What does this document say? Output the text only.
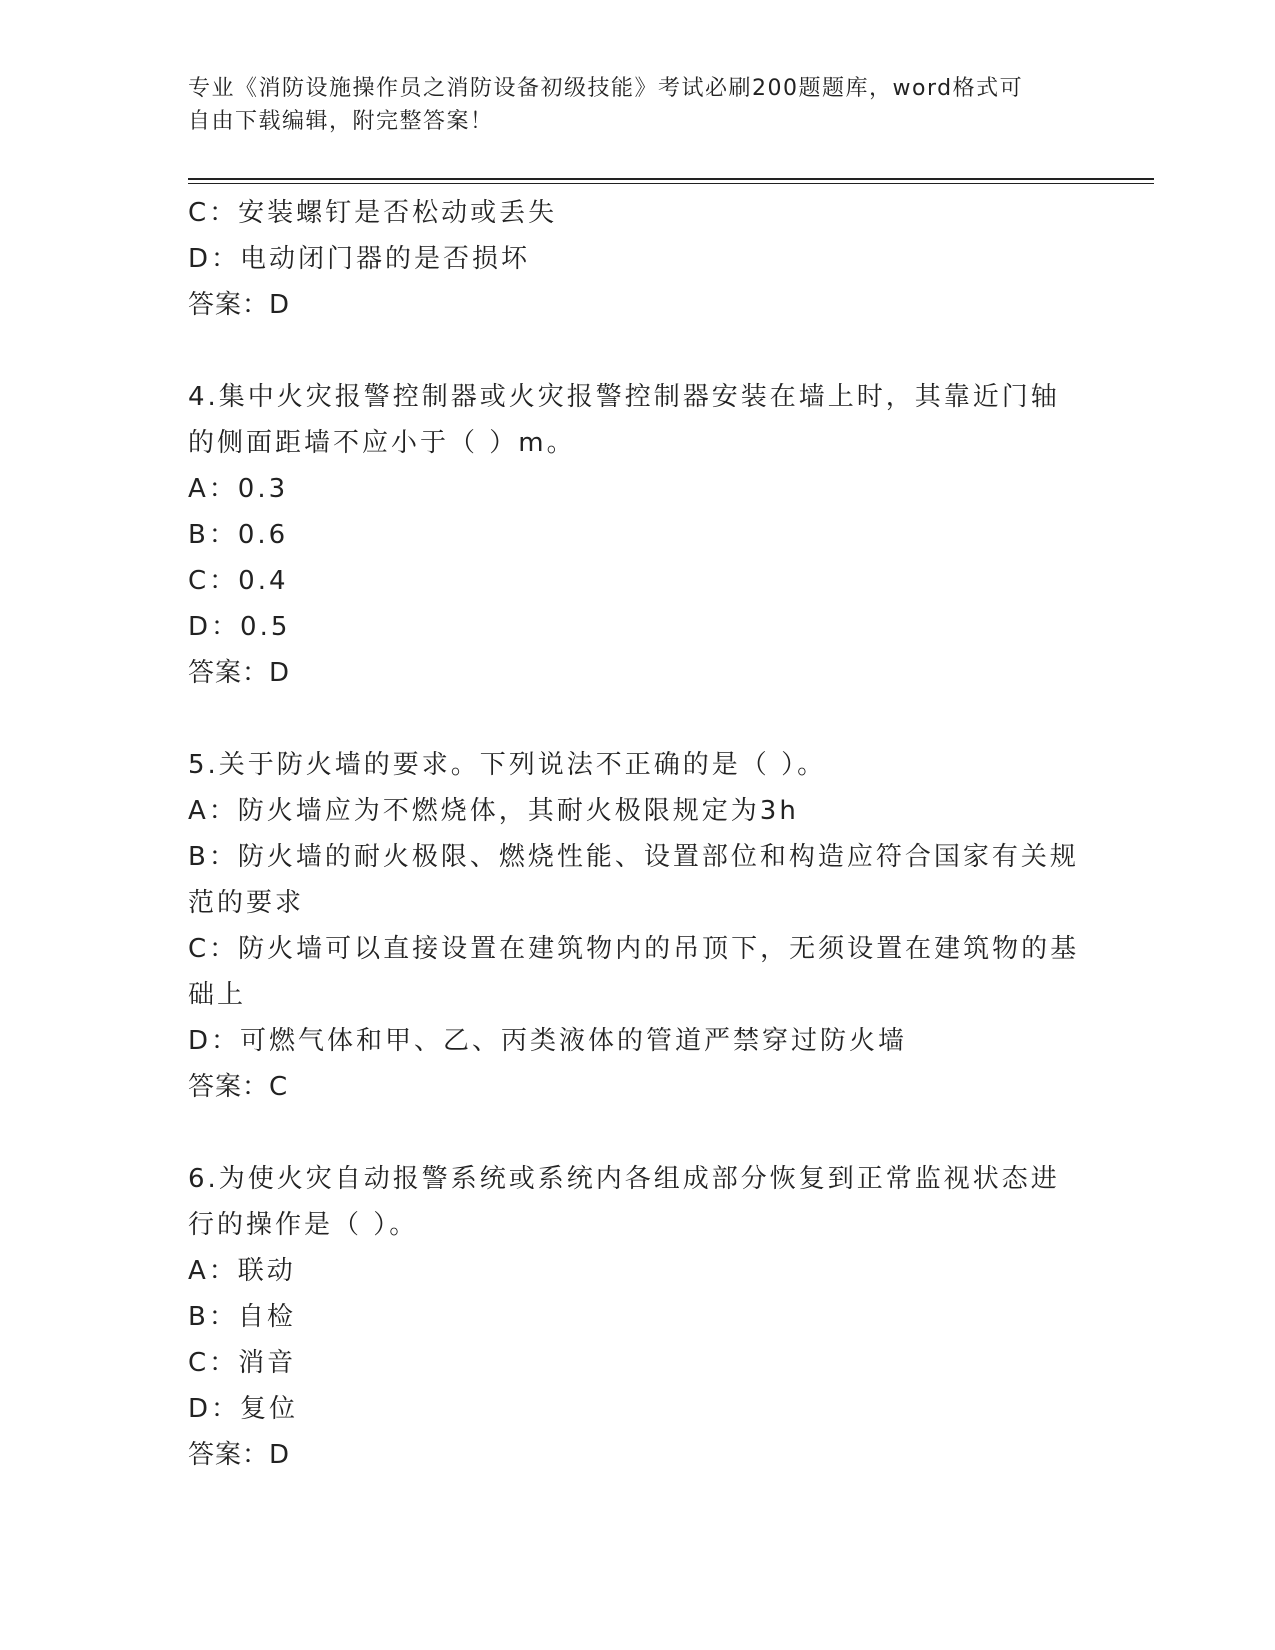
专业《消防设施操作员之消防设备初级技能》考试必刷200题题库，word格式可
自由下载编辑，附完整答案！
C：安装螺钉是否松动或丢失
D：电动闭门器的是否损坏
答案：D
4.集中火灾报警控制器或火灾报警控制器安装在墙上时，其靠近门轴
的侧面距墙不应小于（ ）m。
A：0.3
B：0.6
C：0.4
D：0.5
答案：D
5.关于防火墙的要求。下列说法不正确的是（ ）。
A：防火墙应为不燃烧体，其耐火极限规定为3h
B：防火墙的耐火极限、燃烧性能、设置部位和构造应符合国家有关规
范的要求
C：防火墙可以直接设置在建筑物内的吊顶下，无须设置在建筑物的基
础上
D：可燃气体和甲、乙、丙类液体的管道严禁穿过防火墙
答案：C
6.为使火灾自动报警系统或系统内各组成部分恢复到正常监视状态进
行的操作是（ ）。
A：联动
B：自检
C：消音
D：复位
答案：D
